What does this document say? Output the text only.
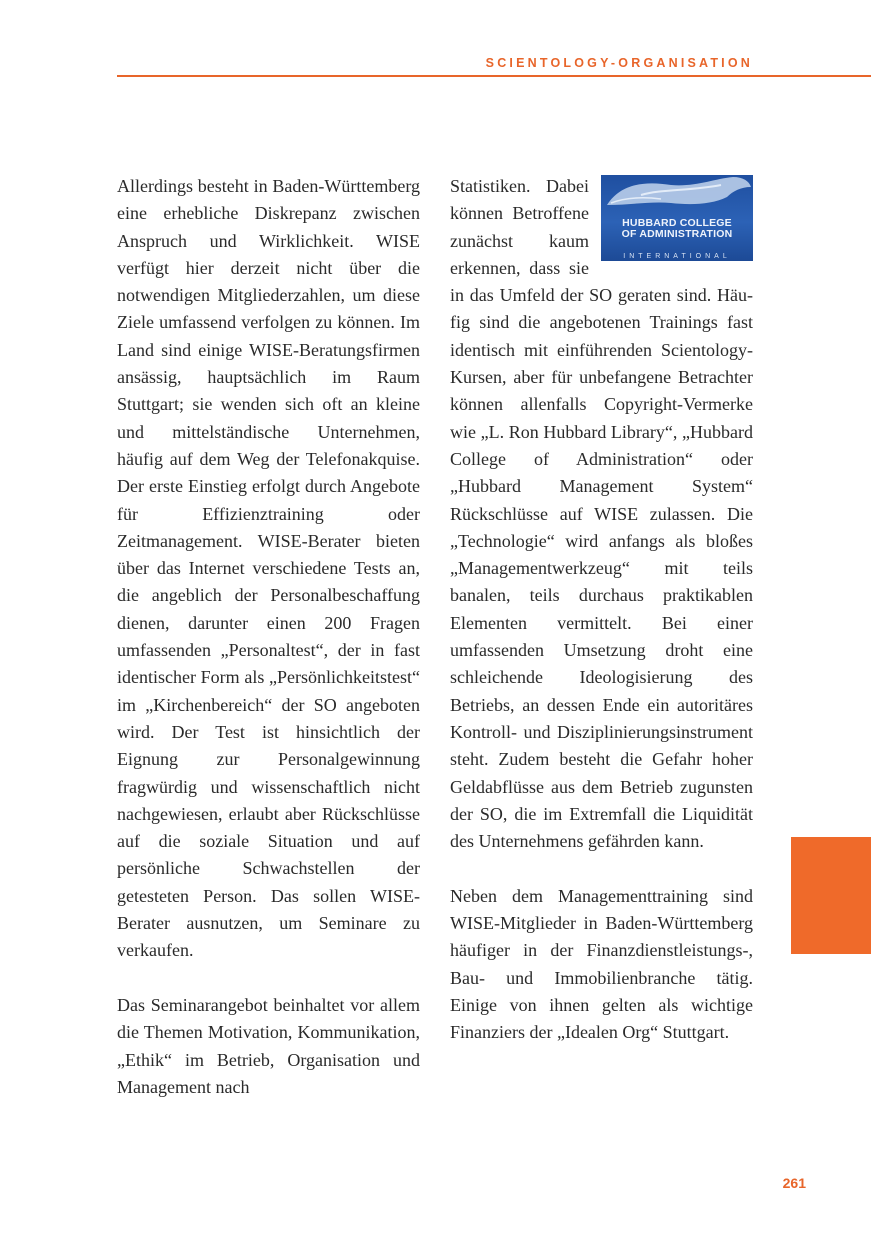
SCIENTOLOGY-ORGANISATION

Allerdings besteht in Baden-Württemberg eine erhebliche Diskrepanz zwischen Anspruch und Wirklichkeit. WISE verfügt hier derzeit nicht über die notwendigen Mitgliederzahlen, um diese Ziele umfassend verfolgen zu können. Im Land sind einige WISE-Beratungsfirmen ansässig, hauptsächlich im Raum Stuttgart; sie wenden sich oft an kleine und mittelständische Unternehmen, häufig auf dem Weg der Telefonakquise. Der erste Einstieg erfolgt durch Angebote für Effizienztraining oder Zeitmanagement. WISE-Berater bieten über das Internet verschiedene Tests an, die angeblich der Personalbeschaffung dienen, darunter einen 200 Fragen umfassenden „Personaltest“, der in fast identischer Form als „Persönlichkeitstest“ im „Kirchenbereich“ der SO angeboten wird. Der Test ist hinsichtlich der Eignung zur Personalgewinnung fragwürdig und wissenschaftlich nicht nachgewiesen, erlaubt aber Rückschlüsse auf die soziale Situation und auf persönliche Schwachstellen der getesteten Person. Das sollen WISE-Berater ausnutzen, um Seminare zu verkaufen.

Das Seminarangebot beinhaltet vor allem die Themen Motivation, Kommunikation, „Ethik“ im Betrieb, Organisation und Management nach

HUBBARD COLLEGE
OF ADMINISTRATION
INTERNATIONAL
Statistiken. Dabei können Betroffene zunächst kaum erkennen, dass sie in das Umfeld der SO geraten sind. Häufig sind die angebotenen Trainings fast identisch mit einführenden Scientology-Kursen, aber für unbefangene Betrachter können allenfalls Copyright-Vermerke wie „L. Ron Hubbard Library“, „Hubbard College of Administration“ oder „Hubbard Management System“ Rückschlüsse auf WISE zulassen. Die „Technologie“ wird anfangs als bloßes „Managementwerkzeug“ mit teils banalen, teils durchaus praktikablen Elementen vermittelt. Bei einer umfassenden Umsetzung droht eine schleichende Ideologisierung des Betriebs, an dessen Ende ein autoritäres Kontroll- und Disziplinierungsinstrument steht. Zudem besteht die Gefahr hoher Geldabflüsse aus dem Betrieb zugunsten der SO, die im Extremfall die Liquidität des Unternehmens gefährden kann.

Neben dem Managementtraining sind WISE-Mitglieder in Baden-Württemberg häufiger in der Finanzdienstleistungs-, Bau- und Immobilienbranche tätig. Einige von ihnen gelten als wichtige Finanziers der „Idealen Org“ Stuttgart.

261
